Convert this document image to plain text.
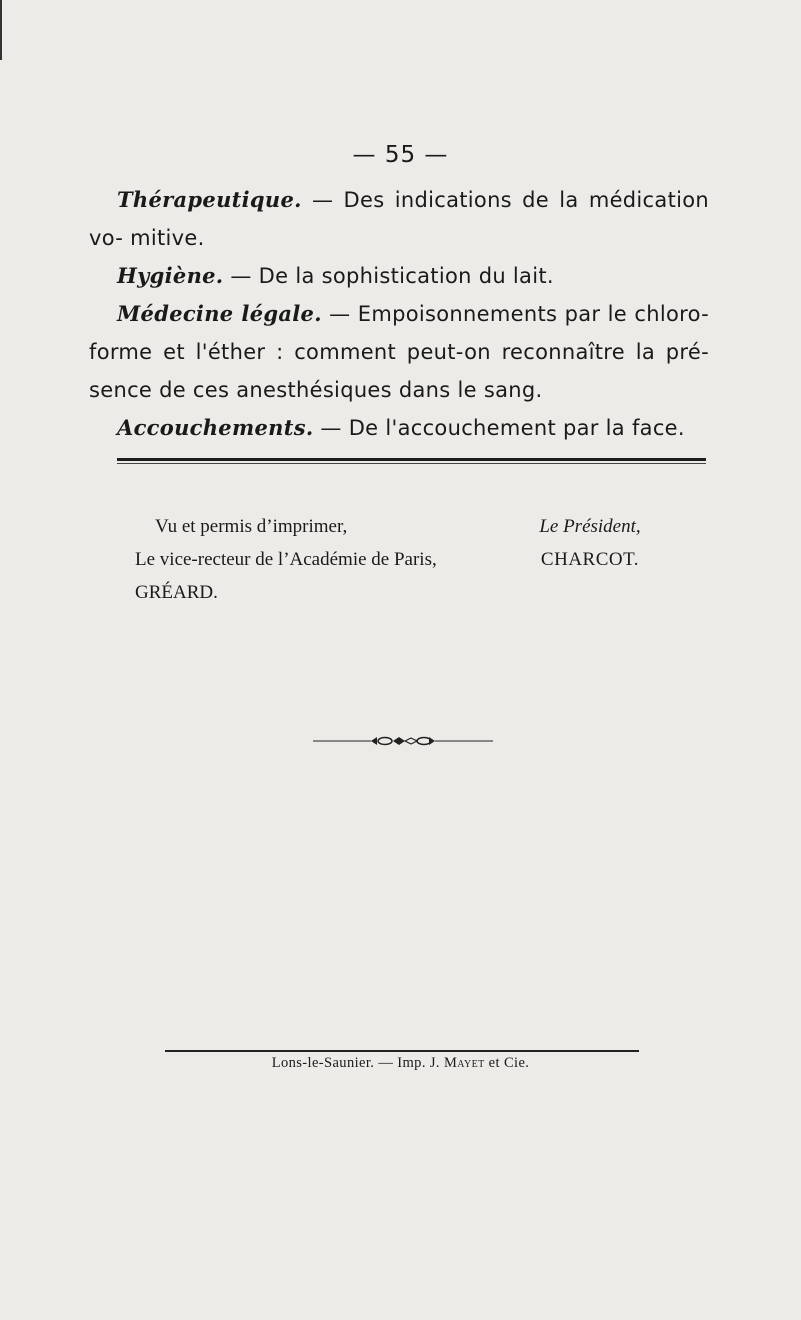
— 55 —

Thérapeutique. — Des indications de la médication vo- mitive.

Hygiène. — De la sophistication du lait.

Médecine légale. — Empoisonnements par le chloro- forme et l'éther : comment peut-on reconnaître la pré- sence de ces anesthésiques dans le sang.

Accouchements. — De l'accouchement par la face.

Vu et permis d’imprimer,
Le vice-recteur de l’Académie de Paris,
GRÉARD.
Le Président,
CHARCOT.
Lons-le-Saunier. — Imp. J. Mayet et Cie.
